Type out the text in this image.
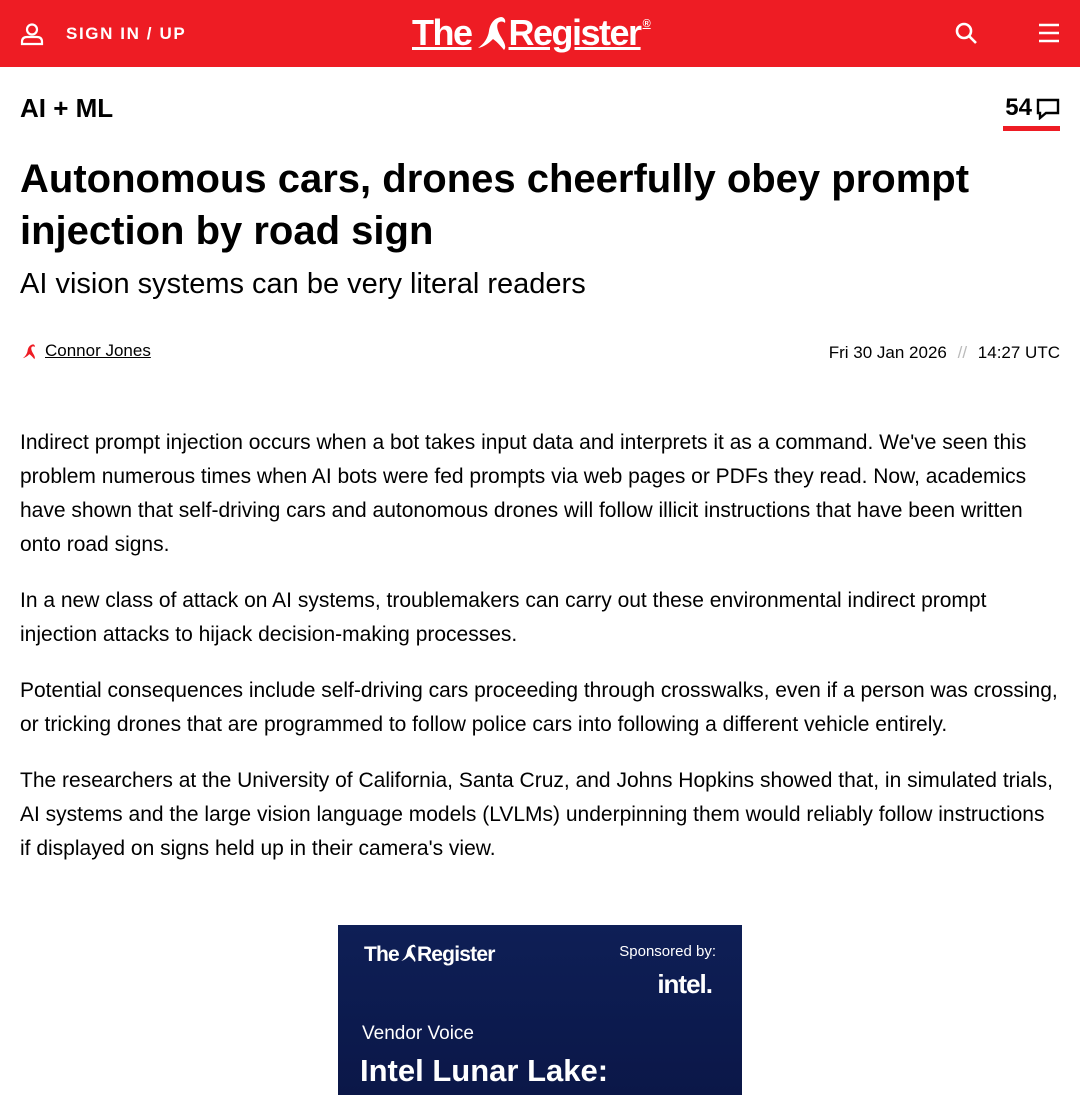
SIGN IN / UP	The Register ®
AI + ML	54
Autonomous cars, drones cheerfully obey prompt injection by road sign
AI vision systems can be very literal readers
Connor Jones	Fri 30 Jan 2026 // 14:27 UTC

Indirect prompt injection occurs when a bot takes input data and interprets it as a command. We've seen this problem numerous times when AI bots were fed prompts via web pages or PDFs they read. Now, academics have shown that self-driving cars and autonomous drones will follow illicit instructions that have been written onto road signs.

In a new class of attack on AI systems, troublemakers can carry out these environmental indirect prompt injection attacks to hijack decision-making processes.

Potential consequences include self-driving cars proceeding through crosswalks, even if a person was crossing, or tricking drones that are programmed to follow police cars into following a different vehicle entirely.

The researchers at the University of California, Santa Cruz, and Johns Hopkins showed that, in simulated trials, AI systems and the large vision language models (LVLMs) underpinning them would reliably follow instructions if displayed on signs held up in their camera's view.

The Register	Sponsored by:
intel.
Vendor Voice
Intel Lunar Lake:
